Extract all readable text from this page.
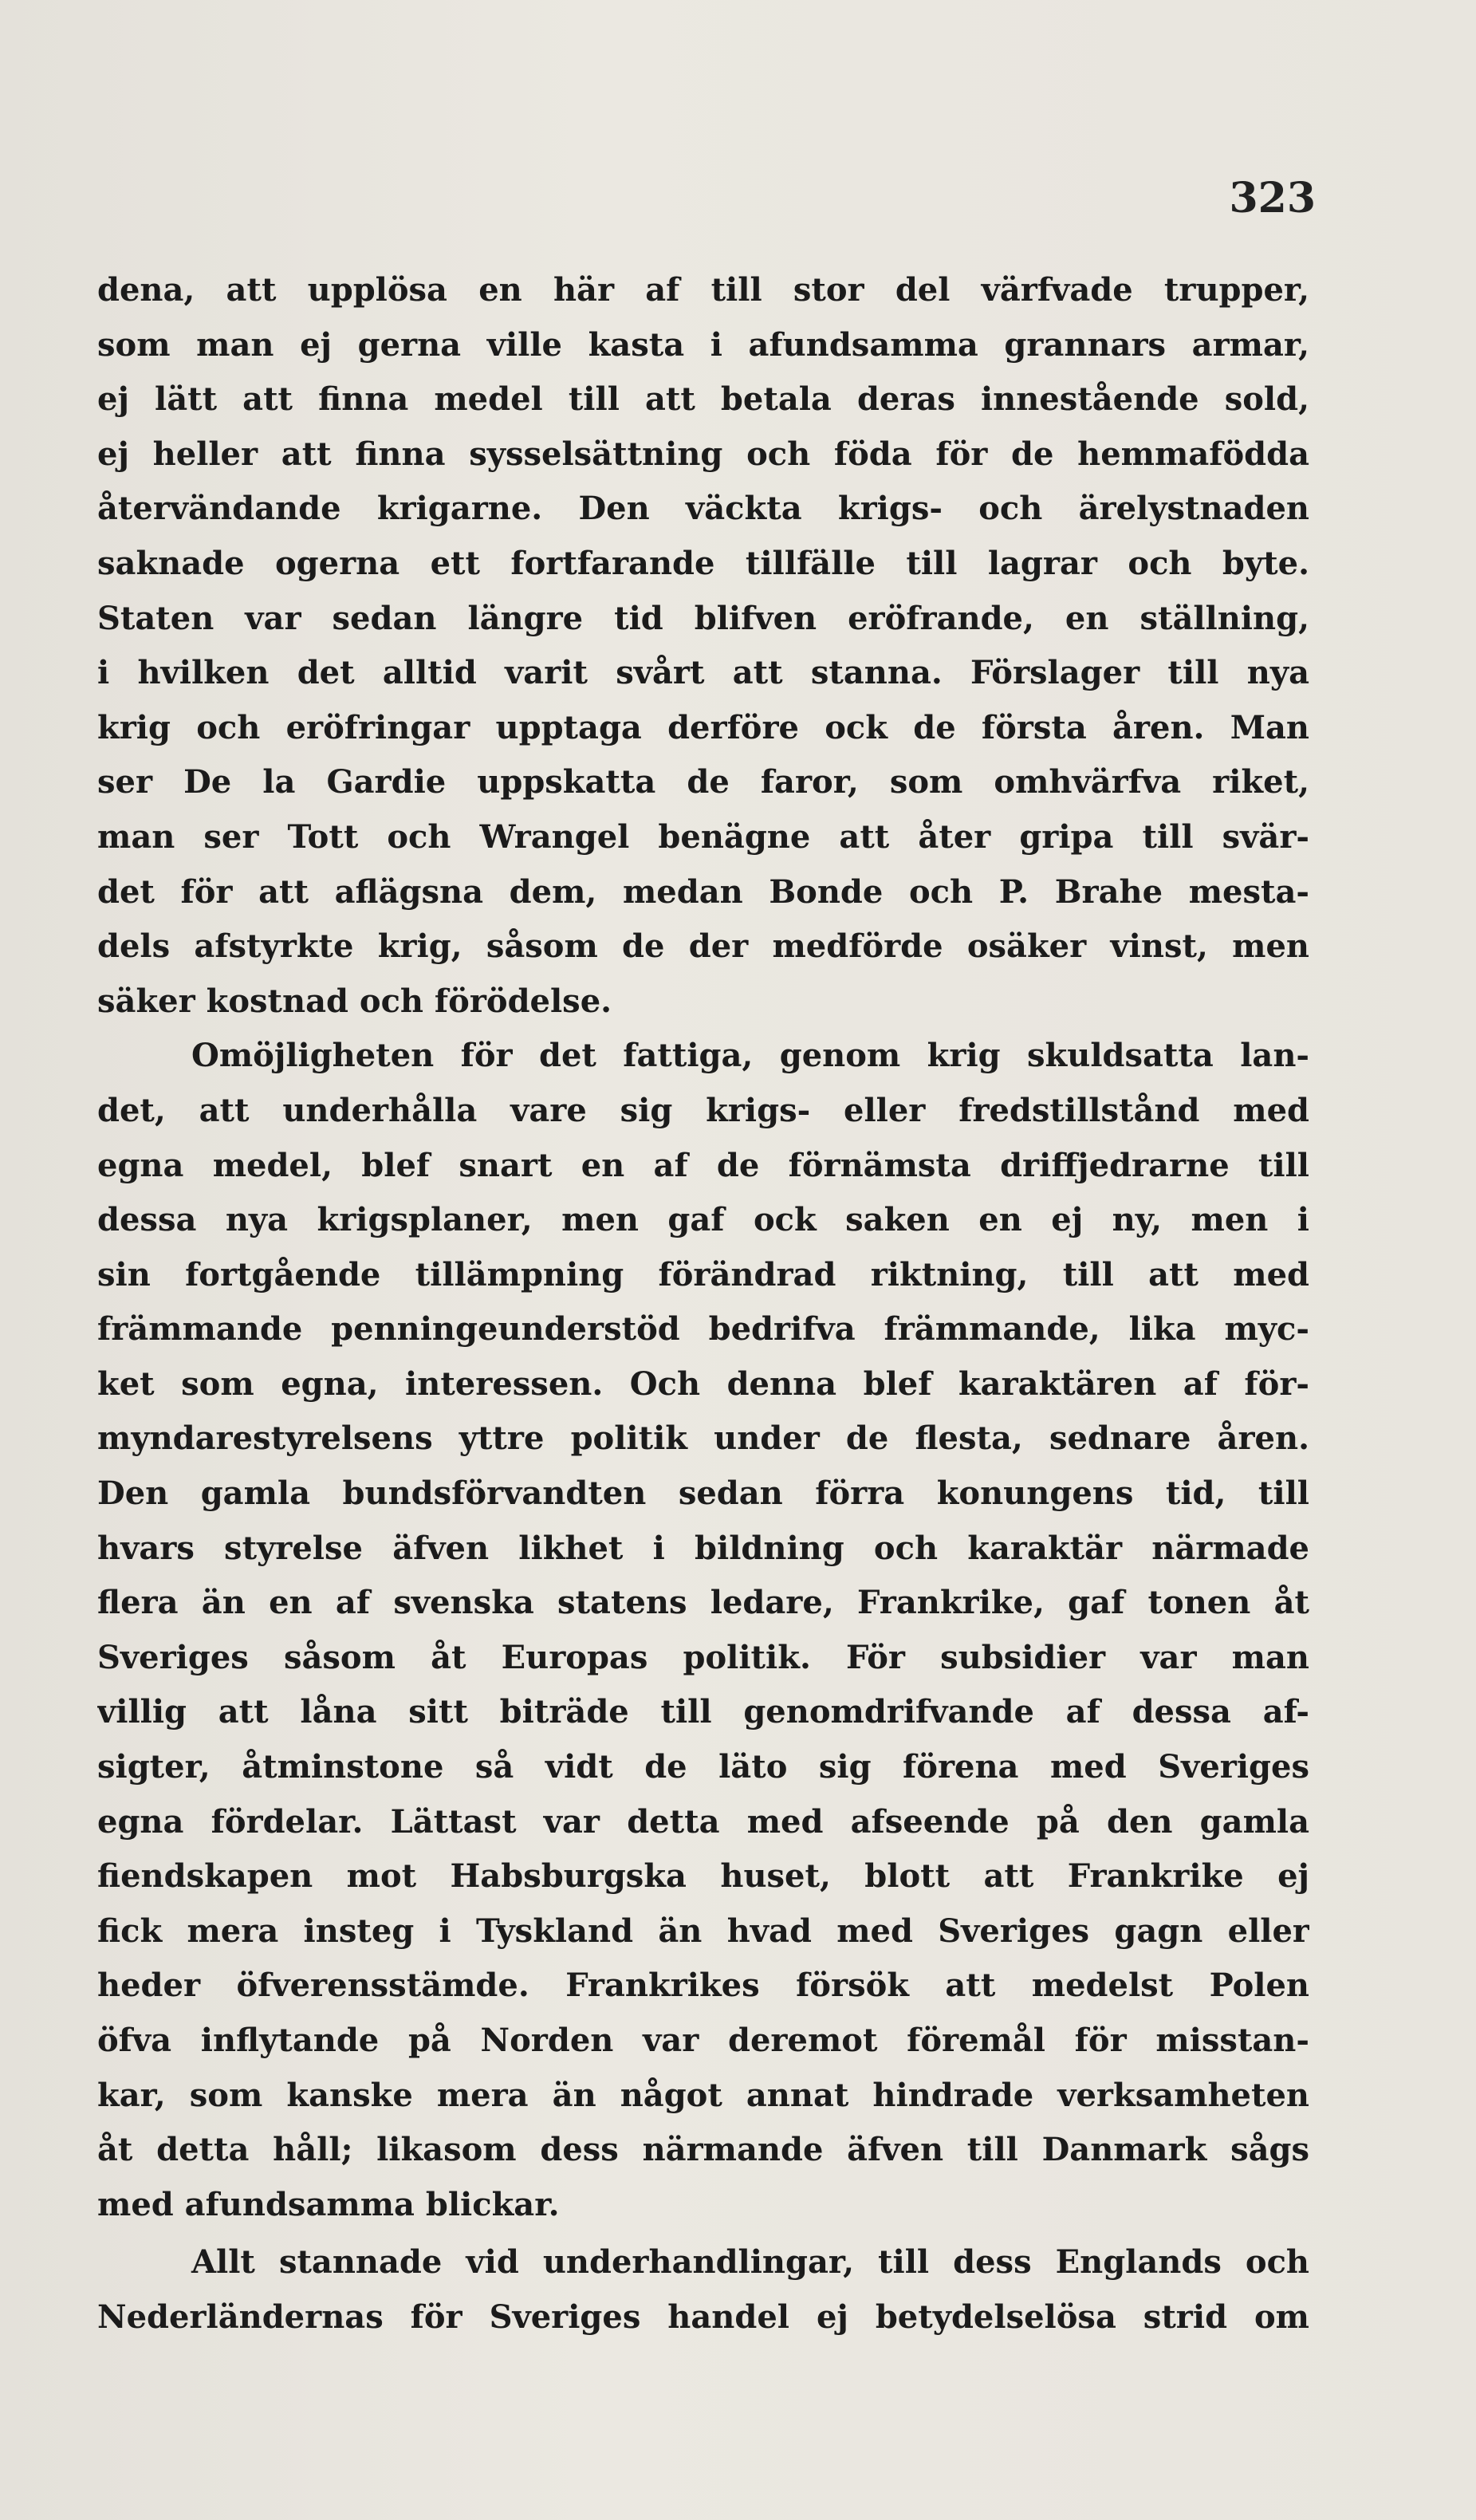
323
dena, att upplösa en här af till stor del värfvade trupper,
som man ej gerna ville kasta i afundsamma grannars armar,
ej lätt att finna medel till att betala deras innestående sold,
ej heller att finna sysselsättning och föda för de hemmafödda
återvändande krigarne. Den väckta krigs- och ärelystnaden
saknade ogerna ett fortfarande tillfälle till lagrar och byte.
Staten var sedan längre tid blifven eröfrande, en ställning,
i hvilken det alltid varit svårt att stanna. Förslager till nya
krig och eröfringar upptaga derföre ock de första åren. Man
ser De la Gardie uppskatta de faror, som omhvärfva riket,
man ser Tott och Wrangel benägne att åter gripa till svär-
det för att aflägsna dem, medan Bonde och P. Brahe mesta-
dels afstyrkte krig, såsom de der medförde osäker vinst, men
säker kostnad och förödelse.
Omöjligheten för det fattiga, genom krig skuldsatta lan-
det, att underhålla vare sig krigs- eller fredstillstånd med
egna medel, blef snart en af de förnämsta driffjedrarne till
dessa nya krigsplaner, men gaf ock saken en ej ny, men i
sin fortgående tillämpning förändrad riktning, till att med
främmande penningeunderstöd bedrifva främmande, lika myc-
ket som egna, interessen. Och denna blef karaktären af för-
myndarestyrelsens yttre politik under de flesta, sednare åren.
Den gamla bundsförvandten sedan förra konungens tid, till
hvars styrelse äfven likhet i bildning och karaktär närmade
flera än en af svenska statens ledare, Frankrike, gaf tonen åt
Sveriges såsom åt Europas politik. För subsidier var man
villig att låna sitt biträde till genomdrifvande af dessa af-
sigter, åtminstone så vidt de läto sig förena med Sveriges
egna fördelar. Lättast var detta med afseende på den gamla
fiendskapen mot Habsburgska huset, blott att Frankrike ej
fick mera insteg i Tyskland än hvad med Sveriges gagn eller
heder öfverensstämde. Frankrikes försök att medelst Polen
öfva inflytande på Norden var deremot föremål för misstan-
kar, som kanske mera än något annat hindrade verksamheten
åt detta håll; likasom dess närmande äfven till Danmark sågs
med afundsamma blickar.
Allt stannade vid underhandlingar, till dess Englands och
Nederländernas för Sveriges handel ej betydelselösa strid om
